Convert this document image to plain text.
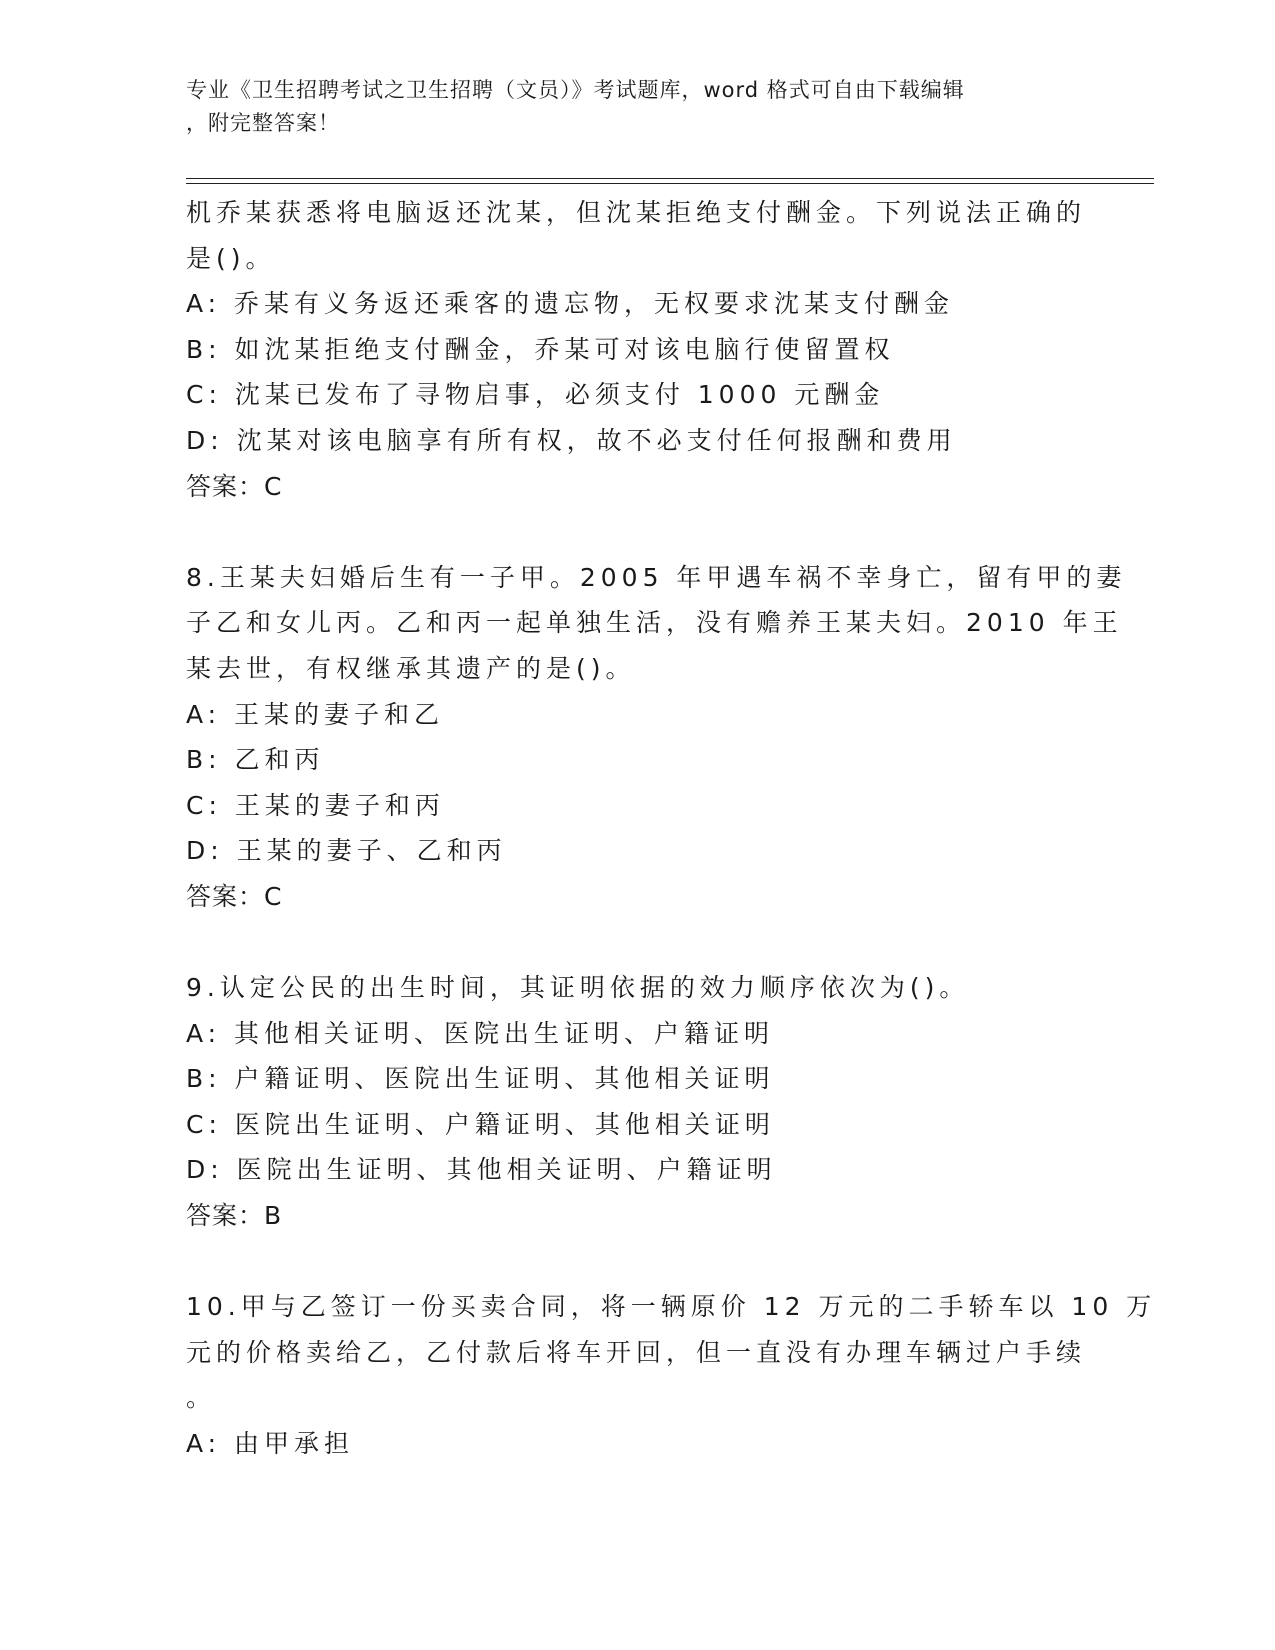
专业《卫生招聘考试之卫生招聘（文员）》考试题库，word 格式可自由下载编辑

，附完整答案！

机乔某获悉将电脑返还沈某，但沈某拒绝支付酬金。下列说法正确的

是()。

A: 乔某有义务返还乘客的遗忘物，无权要求沈某支付酬金

B: 如沈某拒绝支付酬金，乔某可对该电脑行使留置权

C: 沈某已发布了寻物启事，必须支付 1000 元酬金

D: 沈某对该电脑享有所有权，故不必支付任何报酬和费用

答案：C

8.王某夫妇婚后生有一子甲。2005 年甲遇车祸不幸身亡，留有甲的妻

子乙和女儿丙。乙和丙一起单独生活，没有赡养王某夫妇。2010 年王

某去世，有权继承其遗产的是()。

A: 王某的妻子和乙

B: 乙和丙

C: 王某的妻子和丙

D: 王某的妻子、乙和丙

答案：C

9.认定公民的出生时间，其证明依据的效力顺序依次为()。

A: 其他相关证明、医院出生证明、户籍证明

B: 户籍证明、医院出生证明、其他相关证明

C: 医院出生证明、户籍证明、其他相关证明

D: 医院出生证明、其他相关证明、户籍证明

答案：B

10.甲与乙签订一份买卖合同，将一辆原价 12 万元的二手轿车以 10 万

元的价格卖给乙，乙付款后将车开回，但一直没有办理车辆过户手续

。

A: 由甲承担
